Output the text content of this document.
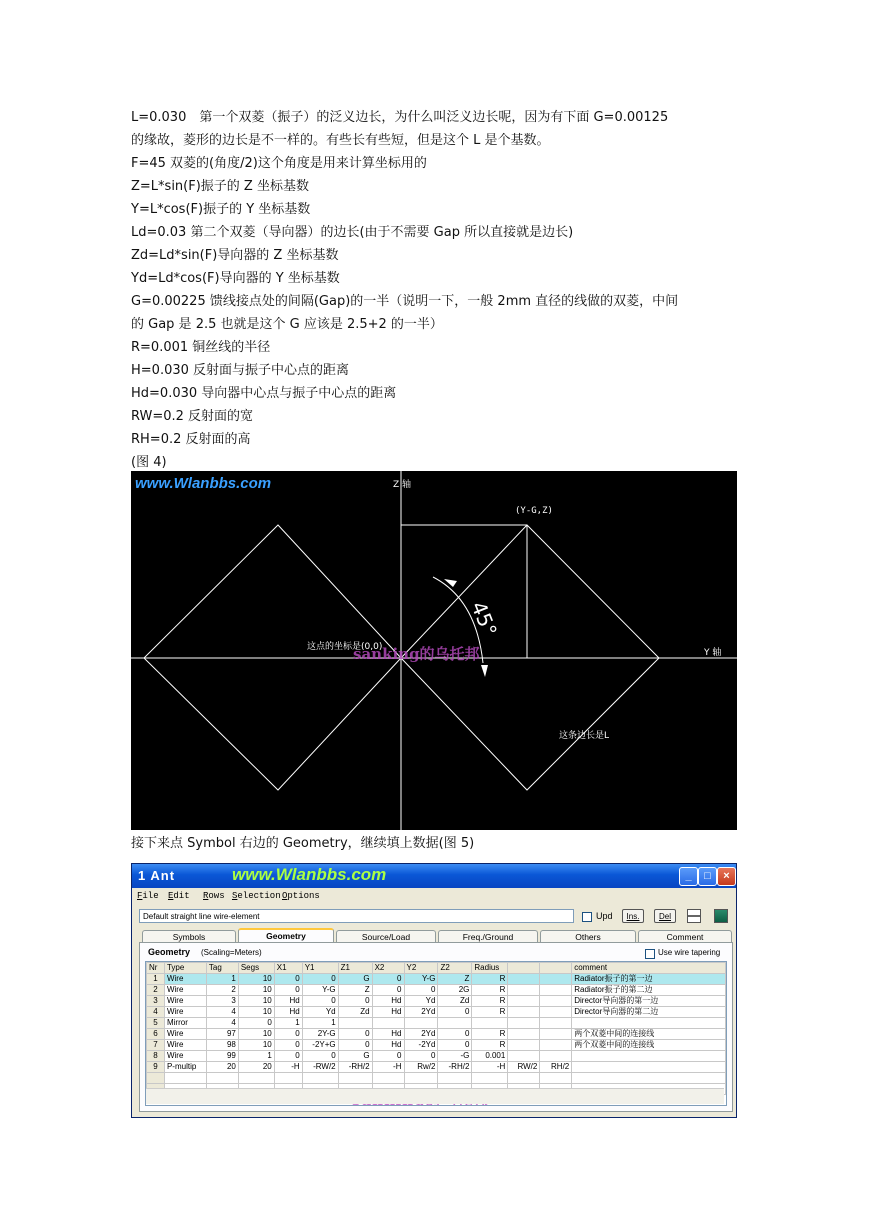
L=0.030　第一个双菱（振子）的泛义边长，为什么叫泛义边长呢，因为有下面 G=0.00125
的缘故，菱形的边长是不一样的。有些长有些短，但是这个 L 是个基数。
F=45 双菱的(角度/2)这个角度是用来计算坐标用的
Z=L*sin(F)振子的 Z 坐标基数
Y=L*cos(F)振子的 Y 坐标基数
Ld=0.03 第二个双菱（导向器）的边长(由于不需要 Gap 所以直接就是边长)
Zd=Ld*sin(F)导向器的 Z 坐标基数
Yd=Ld*cos(F)导向器的 Y 坐标基数
G=0.00225 馈线接点处的间隔(Gap)的一半（说明一下，一般 2mm 直径的线做的双菱，中间
的 Gap 是 2.5 也就是这个 G 应该是 2.5+2 的一半）
R=0.001 铜丝线的半径
H=0.030 反射面与振子中心点的距离
Hd=0.030 导向器中心点与振子中心点的距离
RW=0.2 反射面的宽
RH=0.2 反射面的高
(图 4)
www.Wlanbbs.com	Z 轴
Y 轴
(Y-G,Z)
45°
这点的坐标是(0,0)
这条边长是L
sanking的乌托邦
接下来点 Symbol 右边的 Geometry，继续填上数据(图 5)
1 Ant	www.Wlanbbs.com	_	□	×
File Edit Rows Selection Options
Default straight line wire-element	Upd	Ins.	Del
Symbols	Geometry	Source/Load	Freq./Ground	Others	Comment
Geometry (Scaling=Meters)	Use wire tapering
Nr	Type	Tag	Segs	X1	Y1	Z1	X2	Y2	Z2	Radius			comment
1	Wire	1	10	0	0	G	0	Y-G	Z	R			Radiator振子的第一边
2	Wire	2	10	0	Y-G	Z	0	0	2G	R			Radiator振子的第二边
3	Wire	3	10	Hd	0	0	Hd	Yd	Zd	R			Director导向器的第一边
4	Wire	4	10	Hd	Yd	Zd	Hd	2Yd	0	R			Director导向器的第二边
5	Mirror	4	0	1	1								
6	Wire	97	10	0	2Y-G	0	Hd	2Yd	0	R			两个双菱中间的连接线
7	Wire	98	10	0	-2Y+G	0	Hd	-2Yd	0	R			两个双菱中间的连接线
8	Wire	99	1	0	0	G	0	0	-G	0.001			
9	P-multip	20	20	-H	-RW/2	-RH/2	-H	Rw/2	-RH/2	-H	RW/2	RH/2	
